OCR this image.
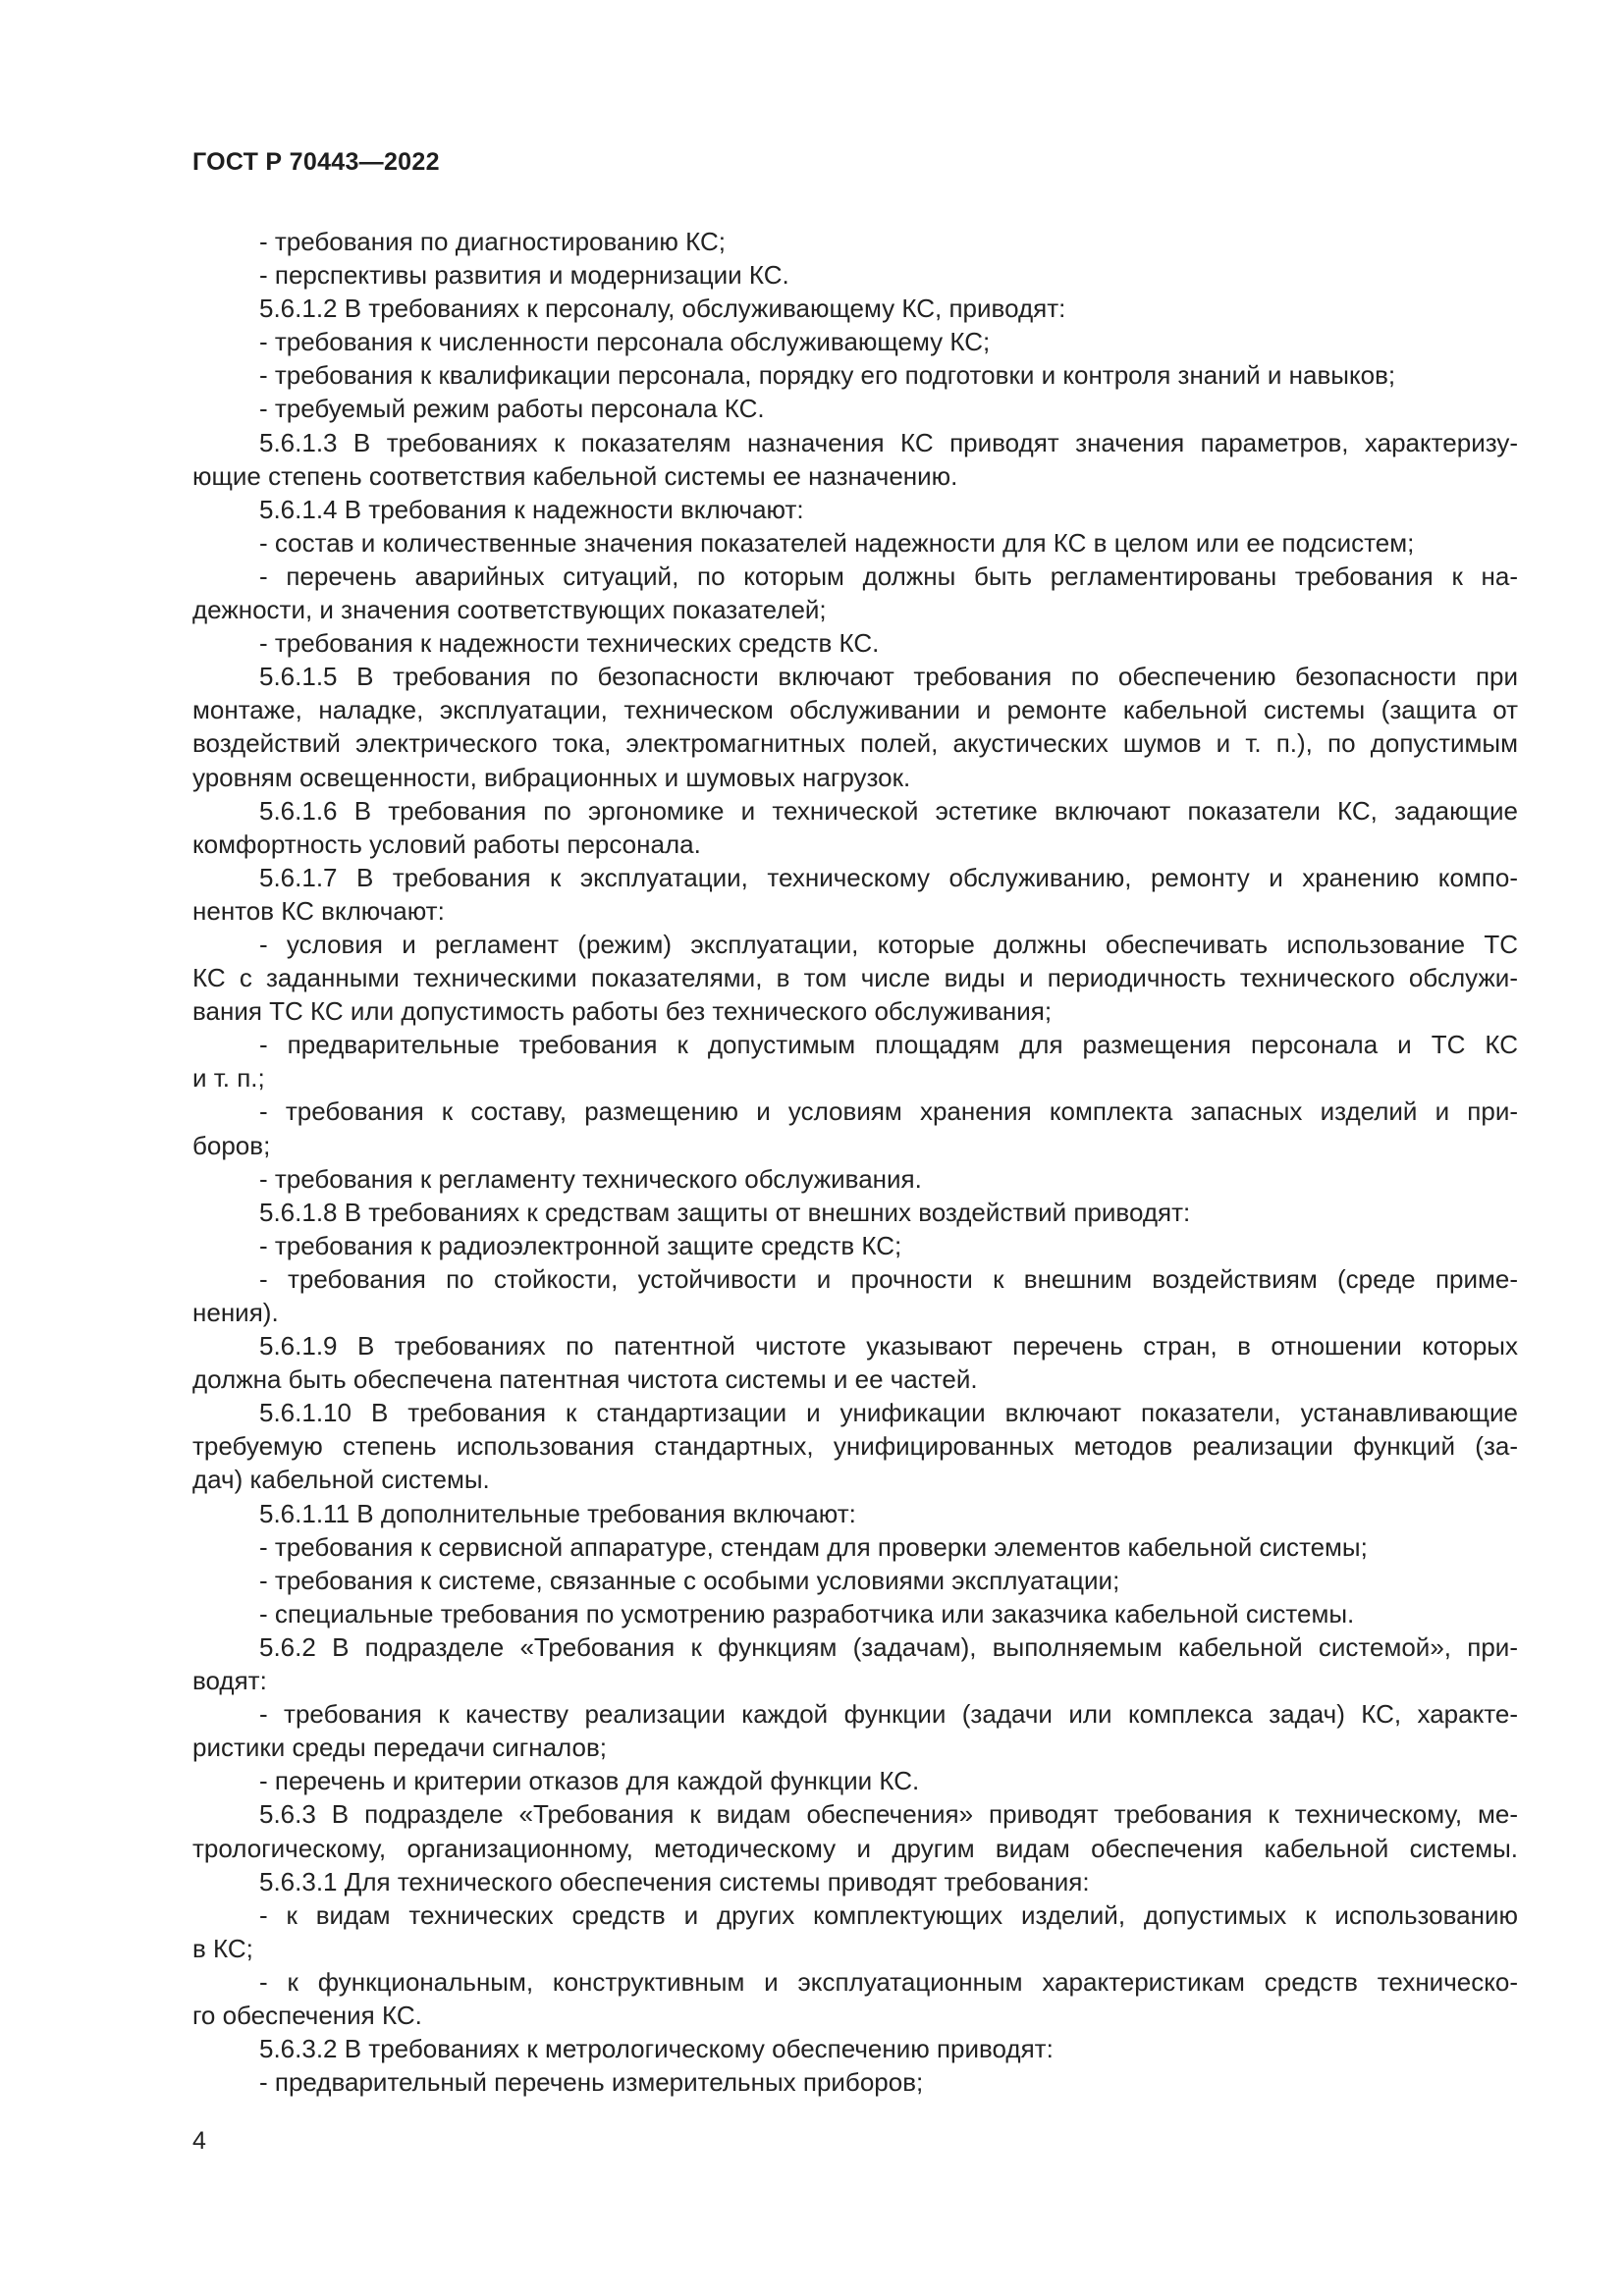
ГОСТ Р 70443—2022
- требования по диагностированию КС;
- перспективы развития и модернизации КС.
5.6.1.2 В требованиях к персоналу, обслуживающему КС, приводят:
- требования к численности персонала обслуживающему КС;
- требования к квалификации персонала, порядку его подготовки и контроля знаний и навыков;
- требуемый режим работы персонала КС.
5.6.1.3 В требованиях к показателям назначения КС приводят значения параметров, характеризу-
ющие степень соответствия кабельной системы ее назначению.
5.6.1.4 В требования к надежности включают:
- состав и количественные значения показателей надежности для КС в целом или ее подсистем;
- перечень аварийных ситуаций, по которым должны быть регламентированы требования к на-
дежности, и значения соответствующих показателей;
- требования к надежности технических средств КС.
5.6.1.5 В требования по безопасности включают требования по обеспечению безопасности при
монтаже, наладке, эксплуатации, техническом обслуживании и ремонте кабельной системы (защита от
воздействий электрического тока, электромагнитных полей, акустических шумов и т. п.), по допустимым
уровням освещенности, вибрационных и шумовых нагрузок.
5.6.1.6 В требования по эргономике и технической эстетике включают показатели КС, задающие
комфортность условий работы персонала.
5.6.1.7 В требования к эксплуатации, техническому обслуживанию, ремонту и хранению компо-
нентов КС включают:
- условия и регламент (режим) эксплуатации, которые должны обеспечивать использование ТС
КС с заданными техническими показателями, в том числе виды и периодичность технического обслужи-
вания ТС КС или допустимость работы без технического обслуживания;
- предварительные требования к допустимым площадям для размещения персонала и ТС КС
и т. п.;
- требования к составу, размещению и условиям хранения комплекта запасных изделий и при-
боров;
- требования к регламенту технического обслуживания.
5.6.1.8 В требованиях к средствам защиты от внешних воздействий приводят:
- требования к радиоэлектронной защите средств КС;
- требования по стойкости, устойчивости и прочности к внешним воздействиям (среде приме-
нения).
5.6.1.9 В требованиях по патентной чистоте указывают перечень стран, в отношении которых
должна быть обеспечена патентная чистота системы и ее частей.
5.6.1.10 В требования к стандартизации и унификации включают показатели, устанавливающие
требуемую степень использования стандартных, унифицированных методов реализации функций (за-
дач) кабельной системы.
5.6.1.11 В дополнительные требования включают:
- требования к сервисной аппаратуре, стендам для проверки элементов кабельной системы;
- требования к системе, связанные с особыми условиями эксплуатации;
- специальные требования по усмотрению разработчика или заказчика кабельной системы.
5.6.2 В подразделе «Требования к функциям (задачам), выполняемым кабельной системой», при-
водят:
- требования к качеству реализации каждой функции (задачи или комплекса задач) КС, характе-
ристики среды передачи сигналов;
- перечень и критерии отказов для каждой функции КС.
5.6.3 В подразделе «Требования к видам обеспечения» приводят требования к техническому, ме-
трологическому, организационному, методическому и другим видам обеспечения кабельной системы.
5.6.3.1 Для технического обеспечения системы приводят требования:
- к видам технических средств и других комплектующих изделий, допустимых к использованию
в КС;
- к функциональным, конструктивным и эксплуатационным характеристикам средств техническо-
го обеспечения КС.
5.6.3.2 В требованиях к метрологическому обеспечению приводят:
- предварительный перечень измерительных приборов;
4
